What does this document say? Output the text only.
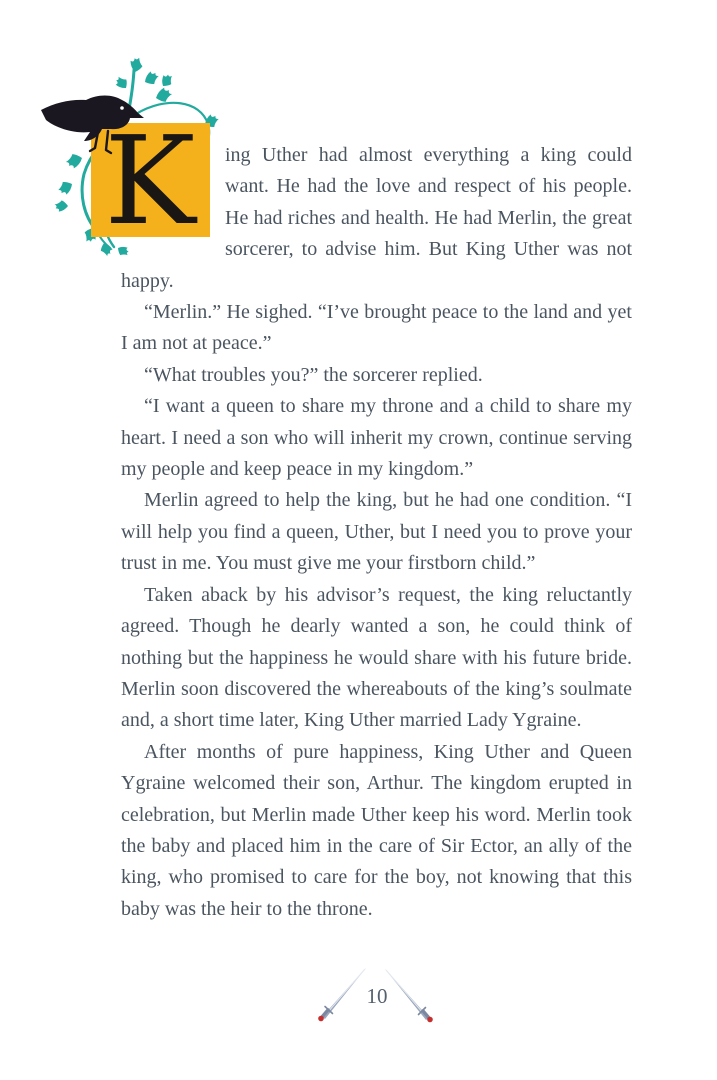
K	ing Uther had almost everything a king could want. He had the love and respect of his people. He had riches and health. He had Merlin, the great sorcerer, to advise him. But King Uther was not happy.

“Merlin.” He sighed. “I’ve brought peace to the land and yet I am not at peace.”

“What troubles you?” the sorcerer replied.

“I want a queen to share my throne and a child to share my heart. I need a son who will inherit my crown, continue serving my people and keep peace in my kingdom.”

Merlin agreed to help the king, but he had one condition. “I will help you find a queen, Uther, but I need you to prove your trust in me. You must give me your firstborn child.”

Taken aback by his advisor’s request, the king reluctantly agreed. Though he dearly wanted a son, he could think of nothing but the happiness he would share with his future bride. Merlin soon discovered the whereabouts of the king’s soulmate and, a short time later, King Uther married Lady Ygraine.

After months of pure happiness, King Uther and Queen Ygraine welcomed their son, Arthur. The kingdom erupted in celebration, but Merlin made Uther keep his word. Merlin took the baby and placed him in the care of Sir Ector, an ally of the king, who promised to care for the boy, not knowing that this baby was the heir to the throne.

10
